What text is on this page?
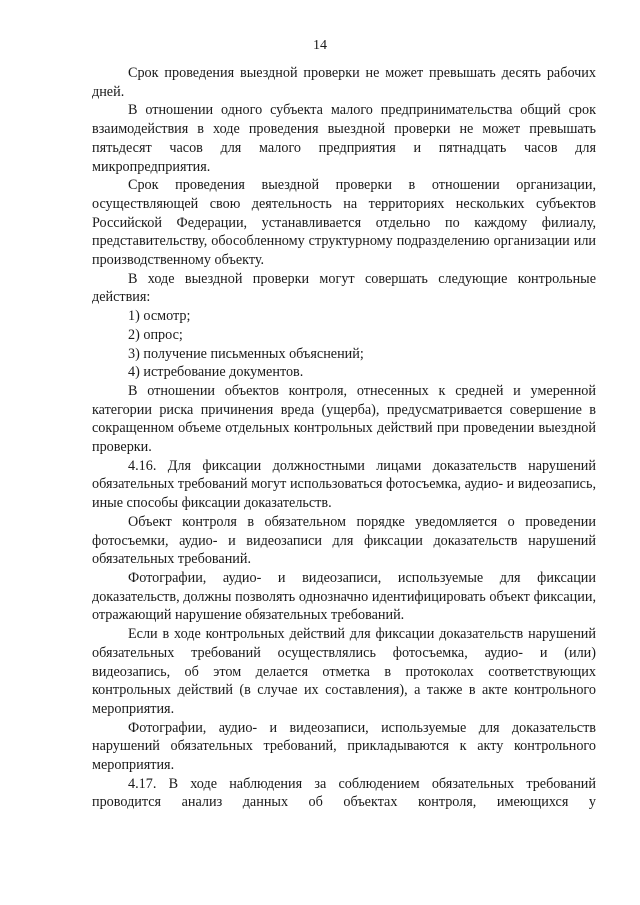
14

Срок проведения выездной проверки не может превышать десять рабочих дней.

В отношении одного субъекта малого предпринимательства общий срок взаимодействия в ходе проведения выездной проверки не может превышать пятьдесят часов для малого предприятия и пятнадцать часов для микропредприятия.

Срок проведения выездной проверки в отношении организации, осуществляющей свою деятельность на территориях нескольких субъектов Российской Федерации, устанавливается отдельно по каждому филиалу, представительству, обособленному структурному подразделению организации или производственному объекту.

В ходе выездной проверки могут совершать следующие контрольные действия:

1) осмотр;

2) опрос;

3) получение письменных объяснений;

4) истребование документов.

В отношении объектов контроля, отнесенных к средней и умеренной категории риска причинения вреда (ущерба), предусматривается совершение в сокращенном объеме отдельных контрольных действий при проведении выездной проверки.

4.16. Для фиксации должностными лицами доказательств нарушений обязательных требований могут использоваться фотосъемка, аудио- и видеозапись, иные способы фиксации доказательств.

Объект контроля в обязательном порядке уведомляется о проведении фотосъемки, аудио- и видеозаписи для фиксации доказательств нарушений обязательных требований.

Фотографии, аудио- и видеозаписи, используемые для фиксации доказательств, должны позволять однозначно идентифицировать объект фиксации, отражающий нарушение обязательных требований.

Если в ходе контрольных действий для фиксации доказательств нарушений обязательных требований осуществлялись фотосъемка, аудио- и (или) видеозапись, об этом делается отметка в протоколах соответствующих контрольных действий (в случае их составления), а также в акте контрольного мероприятия.

Фотографии, аудио- и видеозаписи, используемые для доказательств нарушений обязательных требований, прикладываются к акту контрольного мероприятия.

4.17. В ходе наблюдения за соблюдением обязательных требований проводится анализ данных об объектах контроля, имеющихся у
